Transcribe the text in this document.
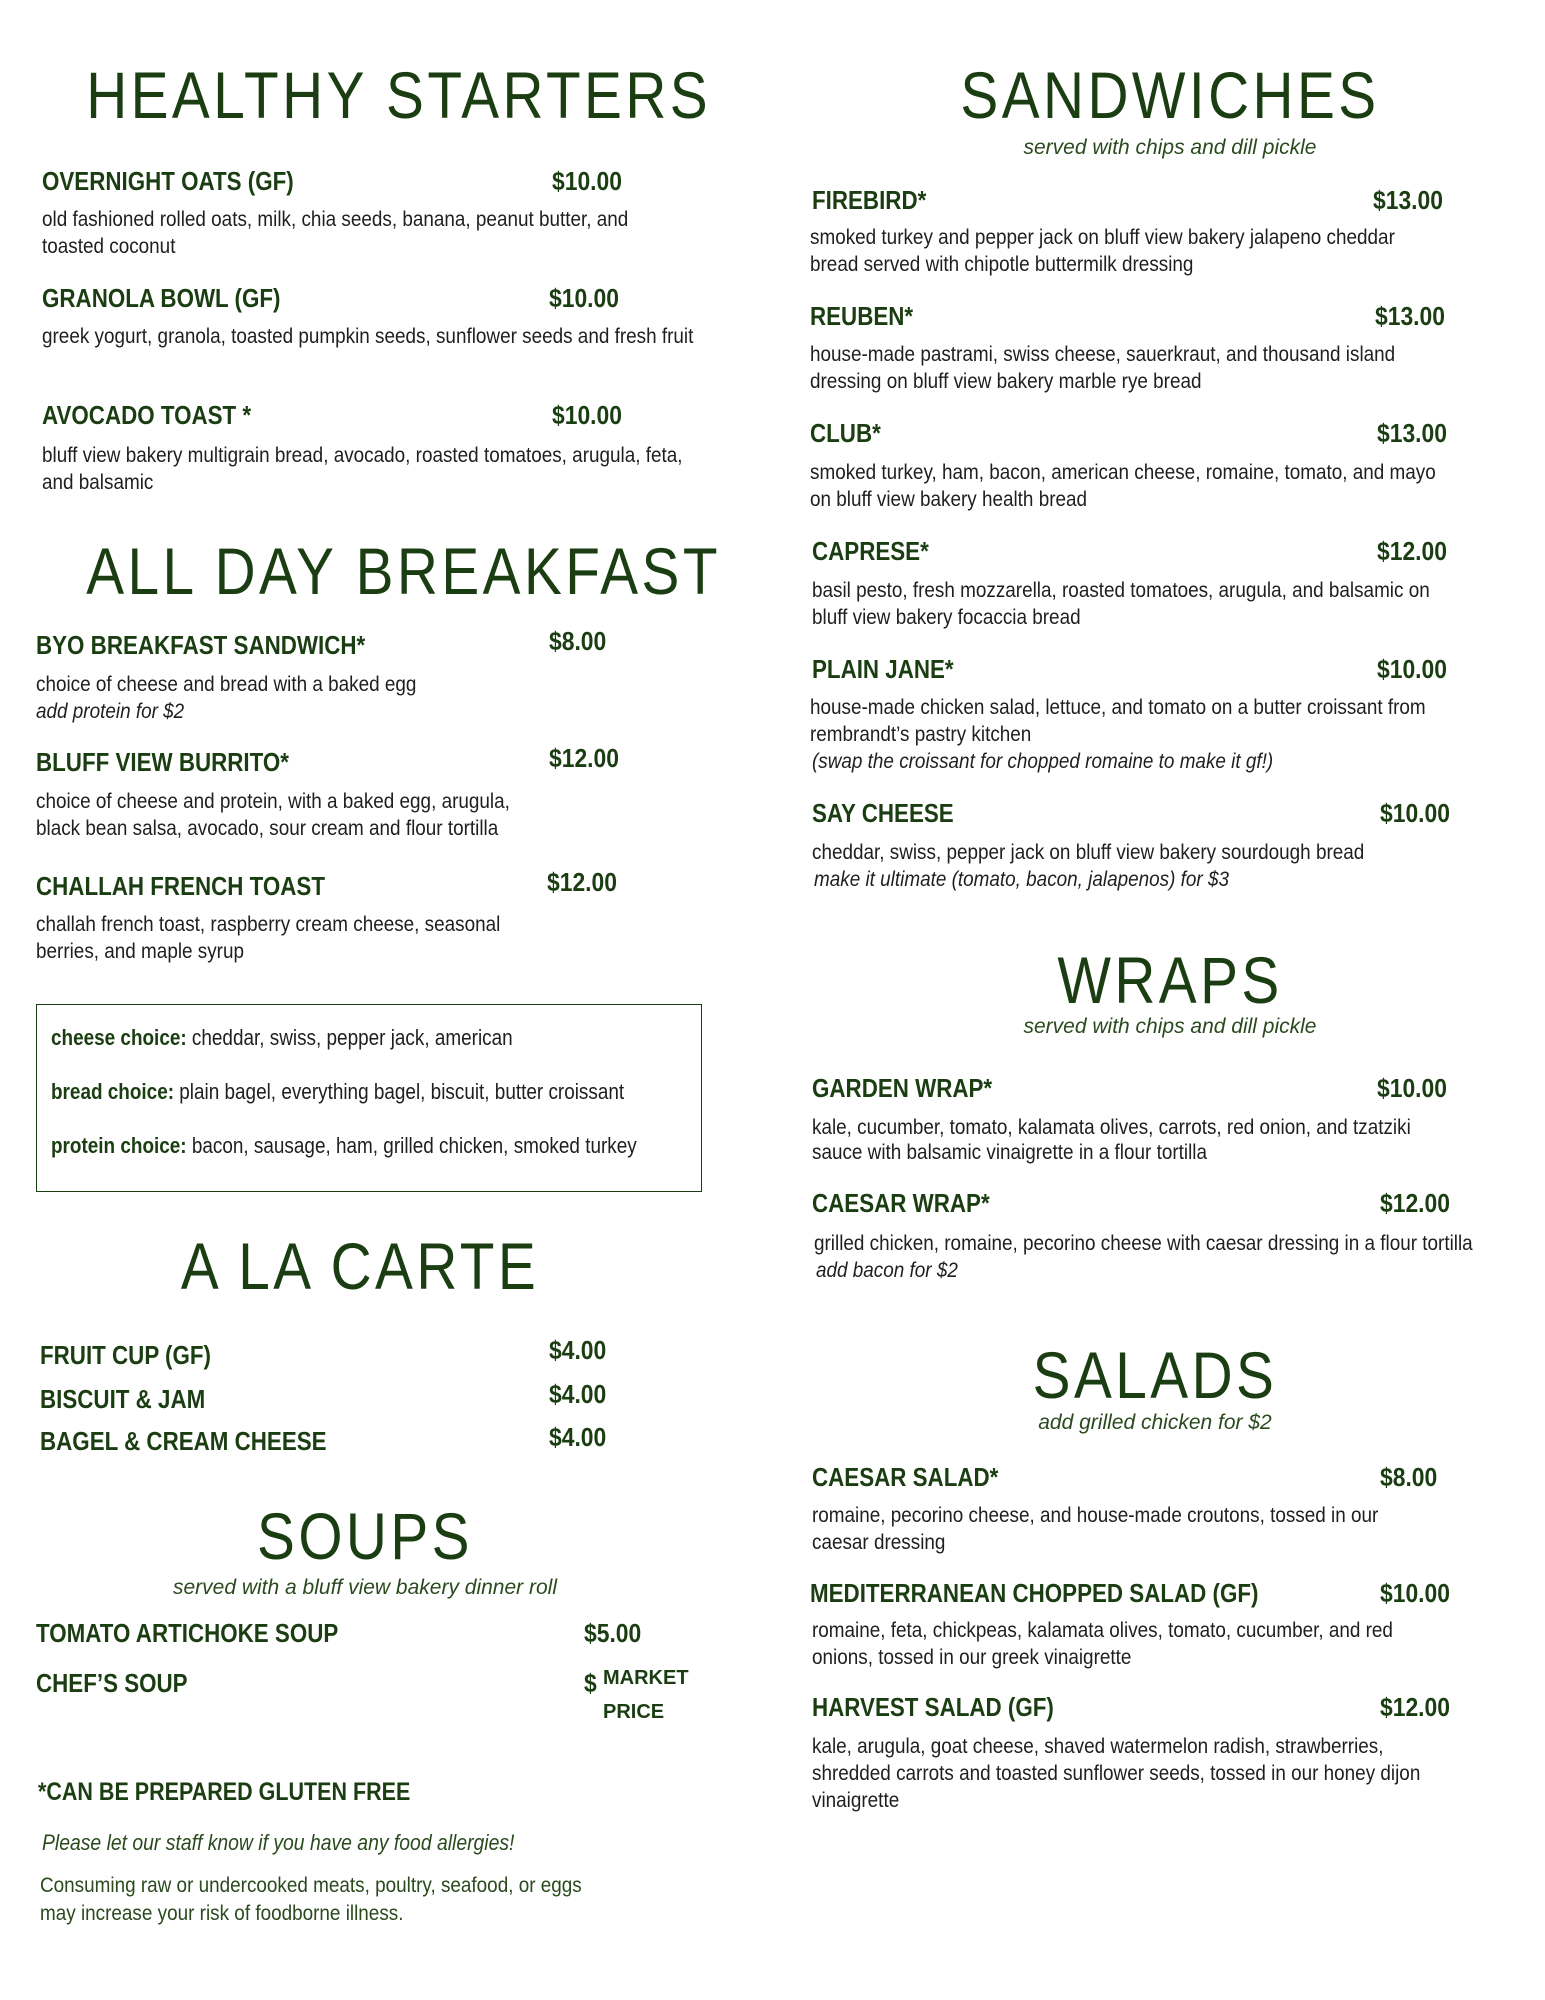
HEALTHY STARTERS
OVERNIGHT OATS (GF)	$10.00
old fashioned rolled oats, milk, chia seeds, banana, peanut butter, and toasted coconut
GRANOLA BOWL (GF)	$10.00
greek yogurt, granola, toasted pumpkin seeds, sunflower seeds and fresh fruit
AVOCADO TOAST *	$10.00
bluff view bakery multigrain bread, avocado, roasted tomatoes, arugula, feta, and balsamic
ALL DAY BREAKFAST
BYO BREAKFAST SANDWICH*	$8.00
choice of cheese and bread with a baked egg
add protein for $2
BLUFF VIEW BURRITO*	$12.00
choice of cheese and protein, with a baked egg, arugula, black bean salsa, avocado, sour cream and flour tortilla
CHALLAH FRENCH TOAST	$12.00
challah french toast, raspberry cream cheese, seasonal berries, and maple syrup
cheese choice: cheddar, swiss, pepper jack, american
bread choice: plain bagel, everything bagel, biscuit, butter croissant
protein choice: bacon, sausage, ham, grilled chicken, smoked turkey
A LA CARTE
FRUIT CUP (GF)	$4.00
BISCUIT & JAM	$4.00
BAGEL & CREAM CHEESE	$4.00
SOUPS
served with a bluff view bakery dinner roll
TOMATO ARTICHOKE SOUP	$5.00
CHEF’S SOUP	$ MARKET
PRICE
*CAN BE PREPARED GLUTEN FREE
Please let our staff know if you have any food allergies!
Consuming raw or undercooked meats, poultry, seafood, or eggs may increase your risk of foodborne illness.
SANDWICHES
served with chips and dill pickle
FIREBIRD*	$13.00
smoked turkey and pepper jack on bluff view bakery jalapeno cheddar bread served with chipotle buttermilk dressing
REUBEN*	$13.00
house-made pastrami, swiss cheese, sauerkraut, and thousand island dressing on bluff view bakery marble rye bread
CLUB*	$13.00
smoked turkey, ham, bacon, american cheese, romaine, tomato, and mayo on bluff view bakery health bread
CAPRESE*	$12.00
basil pesto, fresh mozzarella, roasted tomatoes, arugula, and balsamic on bluff view bakery focaccia bread
PLAIN JANE*	$10.00
house-made chicken salad, lettuce, and tomato on a butter croissant from rembrandt’s pastry kitchen
(swap the croissant for chopped romaine to make it gf!)
SAY CHEESE	$10.00
cheddar, swiss, pepper jack on bluff view bakery sourdough bread
make it ultimate (tomato, bacon, jalapenos) for $3
WRAPS
served with chips and dill pickle
GARDEN WRAP*	$10.00
kale, cucumber, tomato, kalamata olives, carrots, red onion, and tzatziki sauce with balsamic vinaigrette in a flour tortilla
CAESAR WRAP*	$12.00
grilled chicken, romaine, pecorino cheese with caesar dressing in a flour tortilla
add bacon for $2
SALADS
add grilled chicken for $2
CAESAR SALAD*	$8.00
romaine, pecorino cheese, and house-made croutons, tossed in our caesar dressing
MEDITERRANEAN CHOPPED SALAD (GF)	$10.00
romaine, feta, chickpeas, kalamata olives, tomato, cucumber, and red onions, tossed in our greek vinaigrette
HARVEST SALAD (GF)	$12.00
kale, arugula, goat cheese, shaved watermelon radish, strawberries, shredded carrots and toasted sunflower seeds, tossed in our honey dijon vinaigrette
